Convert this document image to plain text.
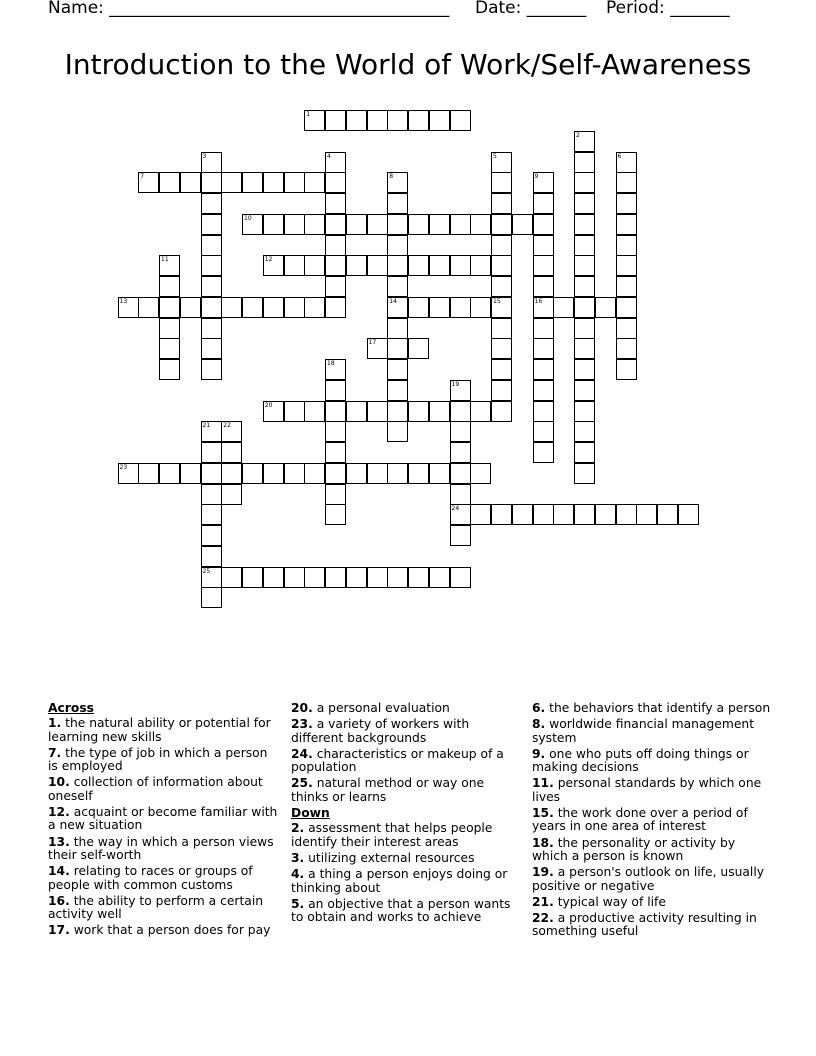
Name: ________________________________________ Date: _______ Period: _______
Introduction to the World of Work/Self-Awareness
1
2
3	4	5
15
6
7	8
14
9
16
10
11	12
13
17
18
19
24
20
21
25
22
23
Across
1. the natural ability or potential for learning new skills
7. the type of job in which a person is employed
10. collection of information about oneself
12. acquaint or become familiar with a new situation
13. the way in which a person views their self-worth
14. relating to races or groups of people with common customs
16. the ability to perform a certain activity well
17. work that a person does for pay
20. a personal evaluation
23. a variety of workers with different backgrounds
24. characteristics or makeup of a population
25. natural method or way one thinks or learns
Down
2. assessment that helps people identify their interest areas
3. utilizing external resources
4. a thing a person enjoys doing or thinking about
5. an objective that a person wants to obtain and works to achieve
6. the behaviors that identify a person
8. worldwide financial management system
9. one who puts off doing things or making decisions
11. personal standards by which one lives
15. the work done over a period of years in one area of interest
18. the personality or activity by which a person is known
19. a person's outlook on life, usually positive or negative
21. typical way of life
22. a productive activity resulting in something useful
